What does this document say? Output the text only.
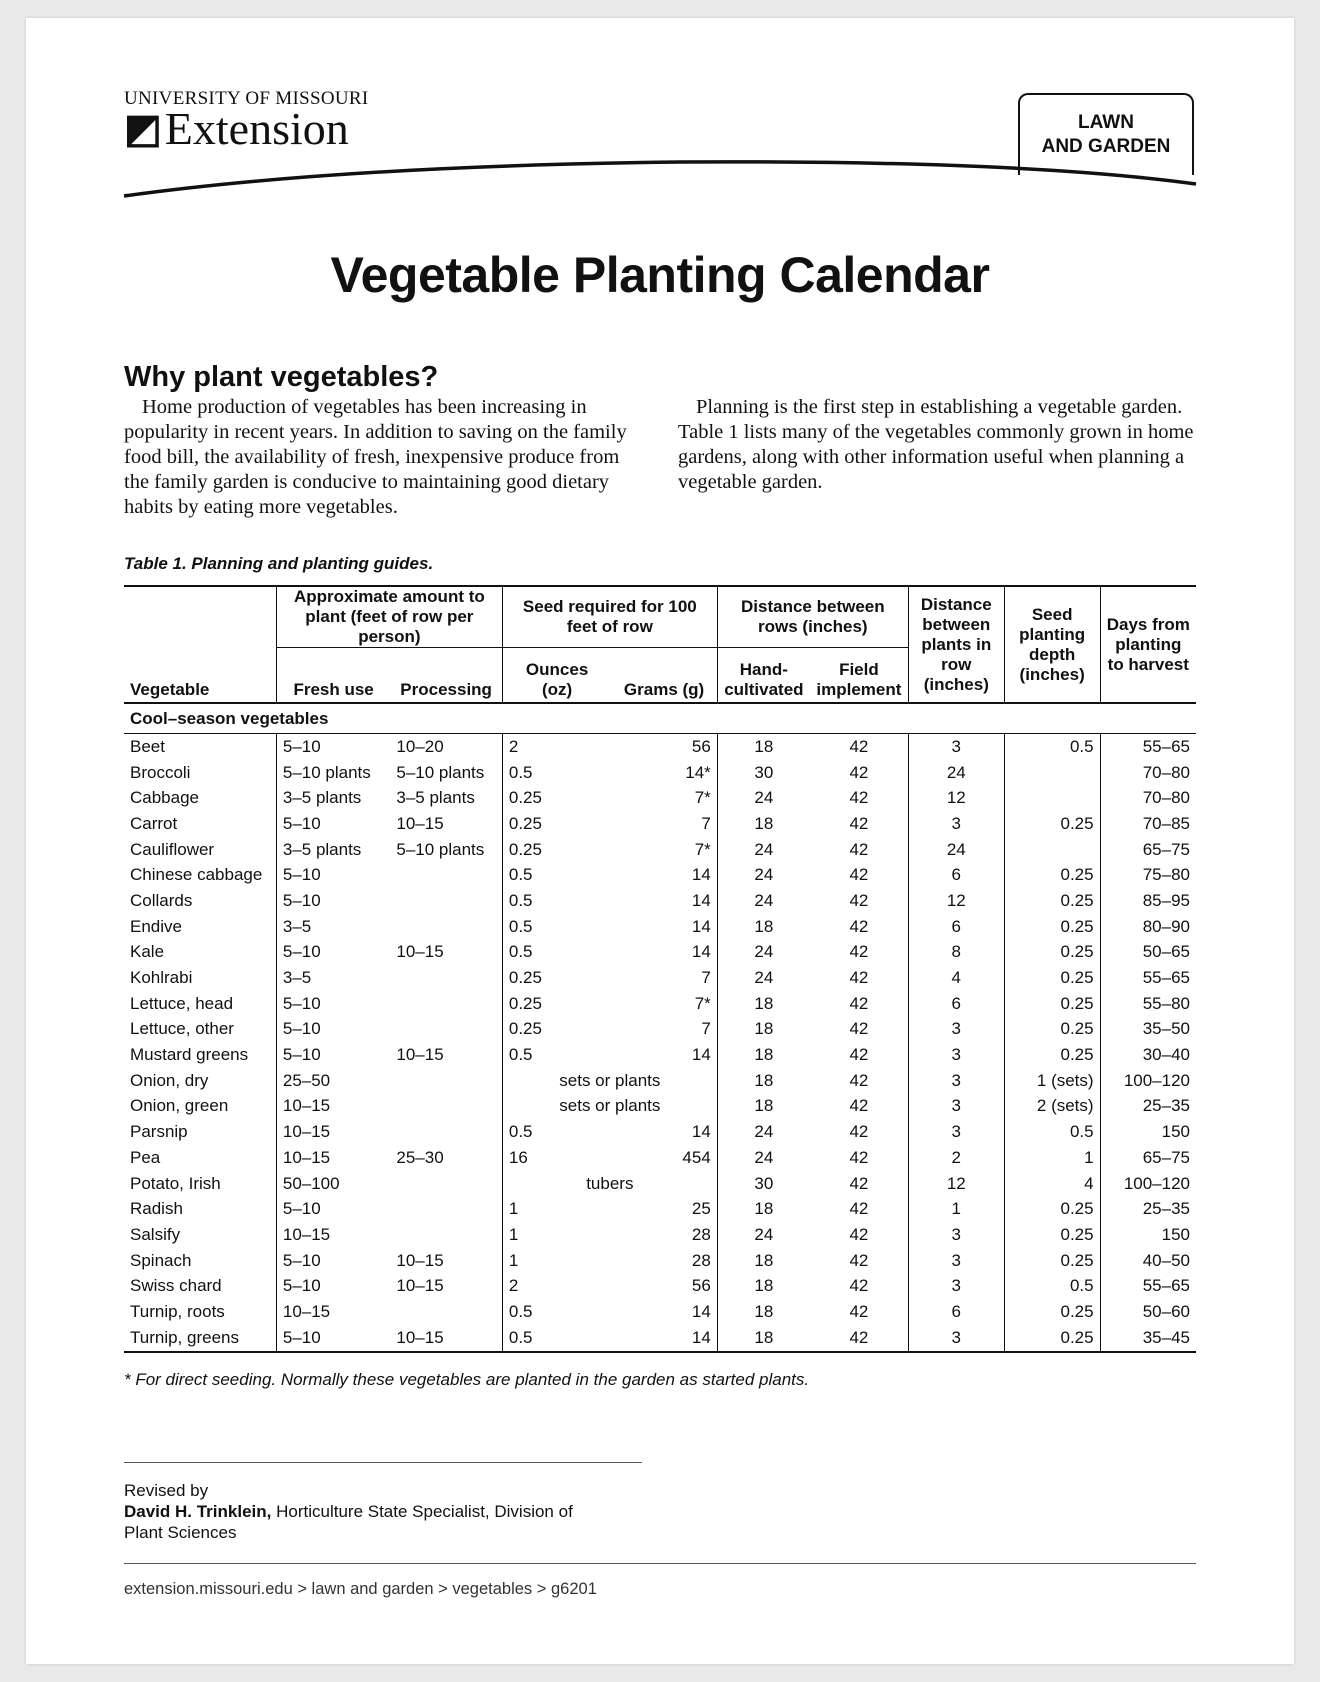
UNIVERSITY OF MISSOURI
◩ Extension	LAWN
AND GARDEN
Vegetable Planting Calendar
Why plant vegetables?

Home production of vegetables has been increasing in popularity in recent years. In addition to saving on the family food bill, the availability of fresh, inexpensive produce from the family garden is conducive to maintaining good dietary habits by eating more vegetables.

Planning is the first step in establishing a vegetable garden. Table 1 lists many of the vegetables commonly grown in home gardens, along with other information useful when planning a vegetable garden.

Table 1. Planning and planting guides.
Vegetable	Approximate amount to plant (feet of row per person)		Seed required for 100 feet of row		Distance between rows (inches)		Distance between plants in row (inches)	Seed planting depth (inches)	Days from planting to harvest
	Fresh use	Processing	Ounces (oz)	Grams (g)	Hand- cultivated	Field implement			
Cool–season vegetables									
Beet	5–10	10–20	2	56	18	42	3	0.5	55–65
Broccoli	5–10 plants	5–10 plants	0.5	14*	30	42	24		70–80
Cabbage	3–5 plants	3–5 plants	0.25	7*	24	42	12		70–80
Carrot	5–10	10–15	0.25	7	18	42	3	0.25	70–85
Cauliflower	3–5 plants	5–10 plants	0.25	7*	24	42	24		65–75
Chinese cabbage	5–10		0.5	14	24	42	6	0.25	75–80
Collards	5–10		0.5	14	24	42	12	0.25	85–95
Endive	3–5		0.5	14	18	42	6	0.25	80–90
Kale	5–10	10–15	0.5	14	24	42	8	0.25	50–65
Kohlrabi	3–5		0.25	7	24	42	4	0.25	55–65
Lettuce, head	5–10		0.25	7*	18	42	6	0.25	55–80
Lettuce, other	5–10		0.25	7	18	42	3	0.25	35–50
Mustard greens	5–10	10–15	0.5	14	18	42	3	0.25	30–40
Onion, dry	25–50		sets or plants		18	42	3	1 (sets)	100–120
Onion, green	10–15		sets or plants		18	42	3	2 (sets)	25–35
Parsnip	10–15		0.5	14	24	42	3	0.5	150
Pea	10–15	25–30	16	454	24	42	2	1	65–75
Potato, Irish	50–100		tubers		30	42	12	4	100–120
Radish	5–10		1	25	18	42	1	0.25	25–35
Salsify	10–15		1	28	24	42	3	0.25	150
Spinach	5–10	10–15	1	28	18	42	3	0.25	40–50
Swiss chard	5–10	10–15	2	56	18	42	3	0.5	55–65
Turnip, roots	10–15		0.5	14	18	42	6	0.25	50–60
Turnip, greens	5–10	10–15	0.5	14	18	42	3	0.25	35–45
* For direct seeding. Normally these vegetables are planted in the garden as started plants.
Revised by
David H. Trinklein, Horticulture State Specialist, Division of Plant Sciences
extension.missouri.edu > lawn and garden > vegetables > g6201
